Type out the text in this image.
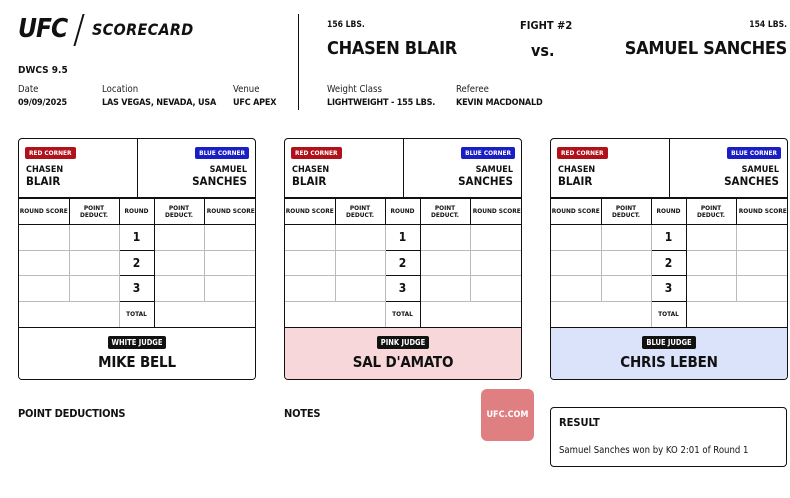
UFC SCORECARD
DWCS 9.5
Date
09/09/2025
Location
LAS VEGAS, NEVADA, USA
Venue
UFC APEX
156 LBS.
CHASEN BLAIR
FIGHT #2
vs.
154 LBS.
SAMUEL SANCHES
Weight Class
LIGHTWEIGHT - 155 LBS.
Referee
KEVIN MACDONALD
RED CORNER
CHASEN
BLAIR
BLUE CORNER
SAMUEL
SANCHES
ROUND SCORE	POINT DEDUCT.	ROUND	POINT DEDUCT.	ROUND SCORE
		1		
		2		
		3		
		TOTAL		
WHITE JUDGE
MIKE BELL
RED CORNER
CHASEN
BLAIR
BLUE CORNER
SAMUEL
SANCHES
ROUND SCORE	POINT DEDUCT.	ROUND	POINT DEDUCT.	ROUND SCORE
		1		
		2		
		3		
		TOTAL		
PINK JUDGE
SAL D'AMATO
RED CORNER
CHASEN
BLAIR
BLUE CORNER
SAMUEL
SANCHES
ROUND SCORE	POINT DEDUCT.	ROUND	POINT DEDUCT.	ROUND SCORE
		1		
		2		
		3		
		TOTAL		
BLUE JUDGE
CHRIS LEBEN
POINT DEDUCTIONS	NOTES	UFC.COM
RESULT
Samuel Sanches won by KO 2:01 of Round 1
